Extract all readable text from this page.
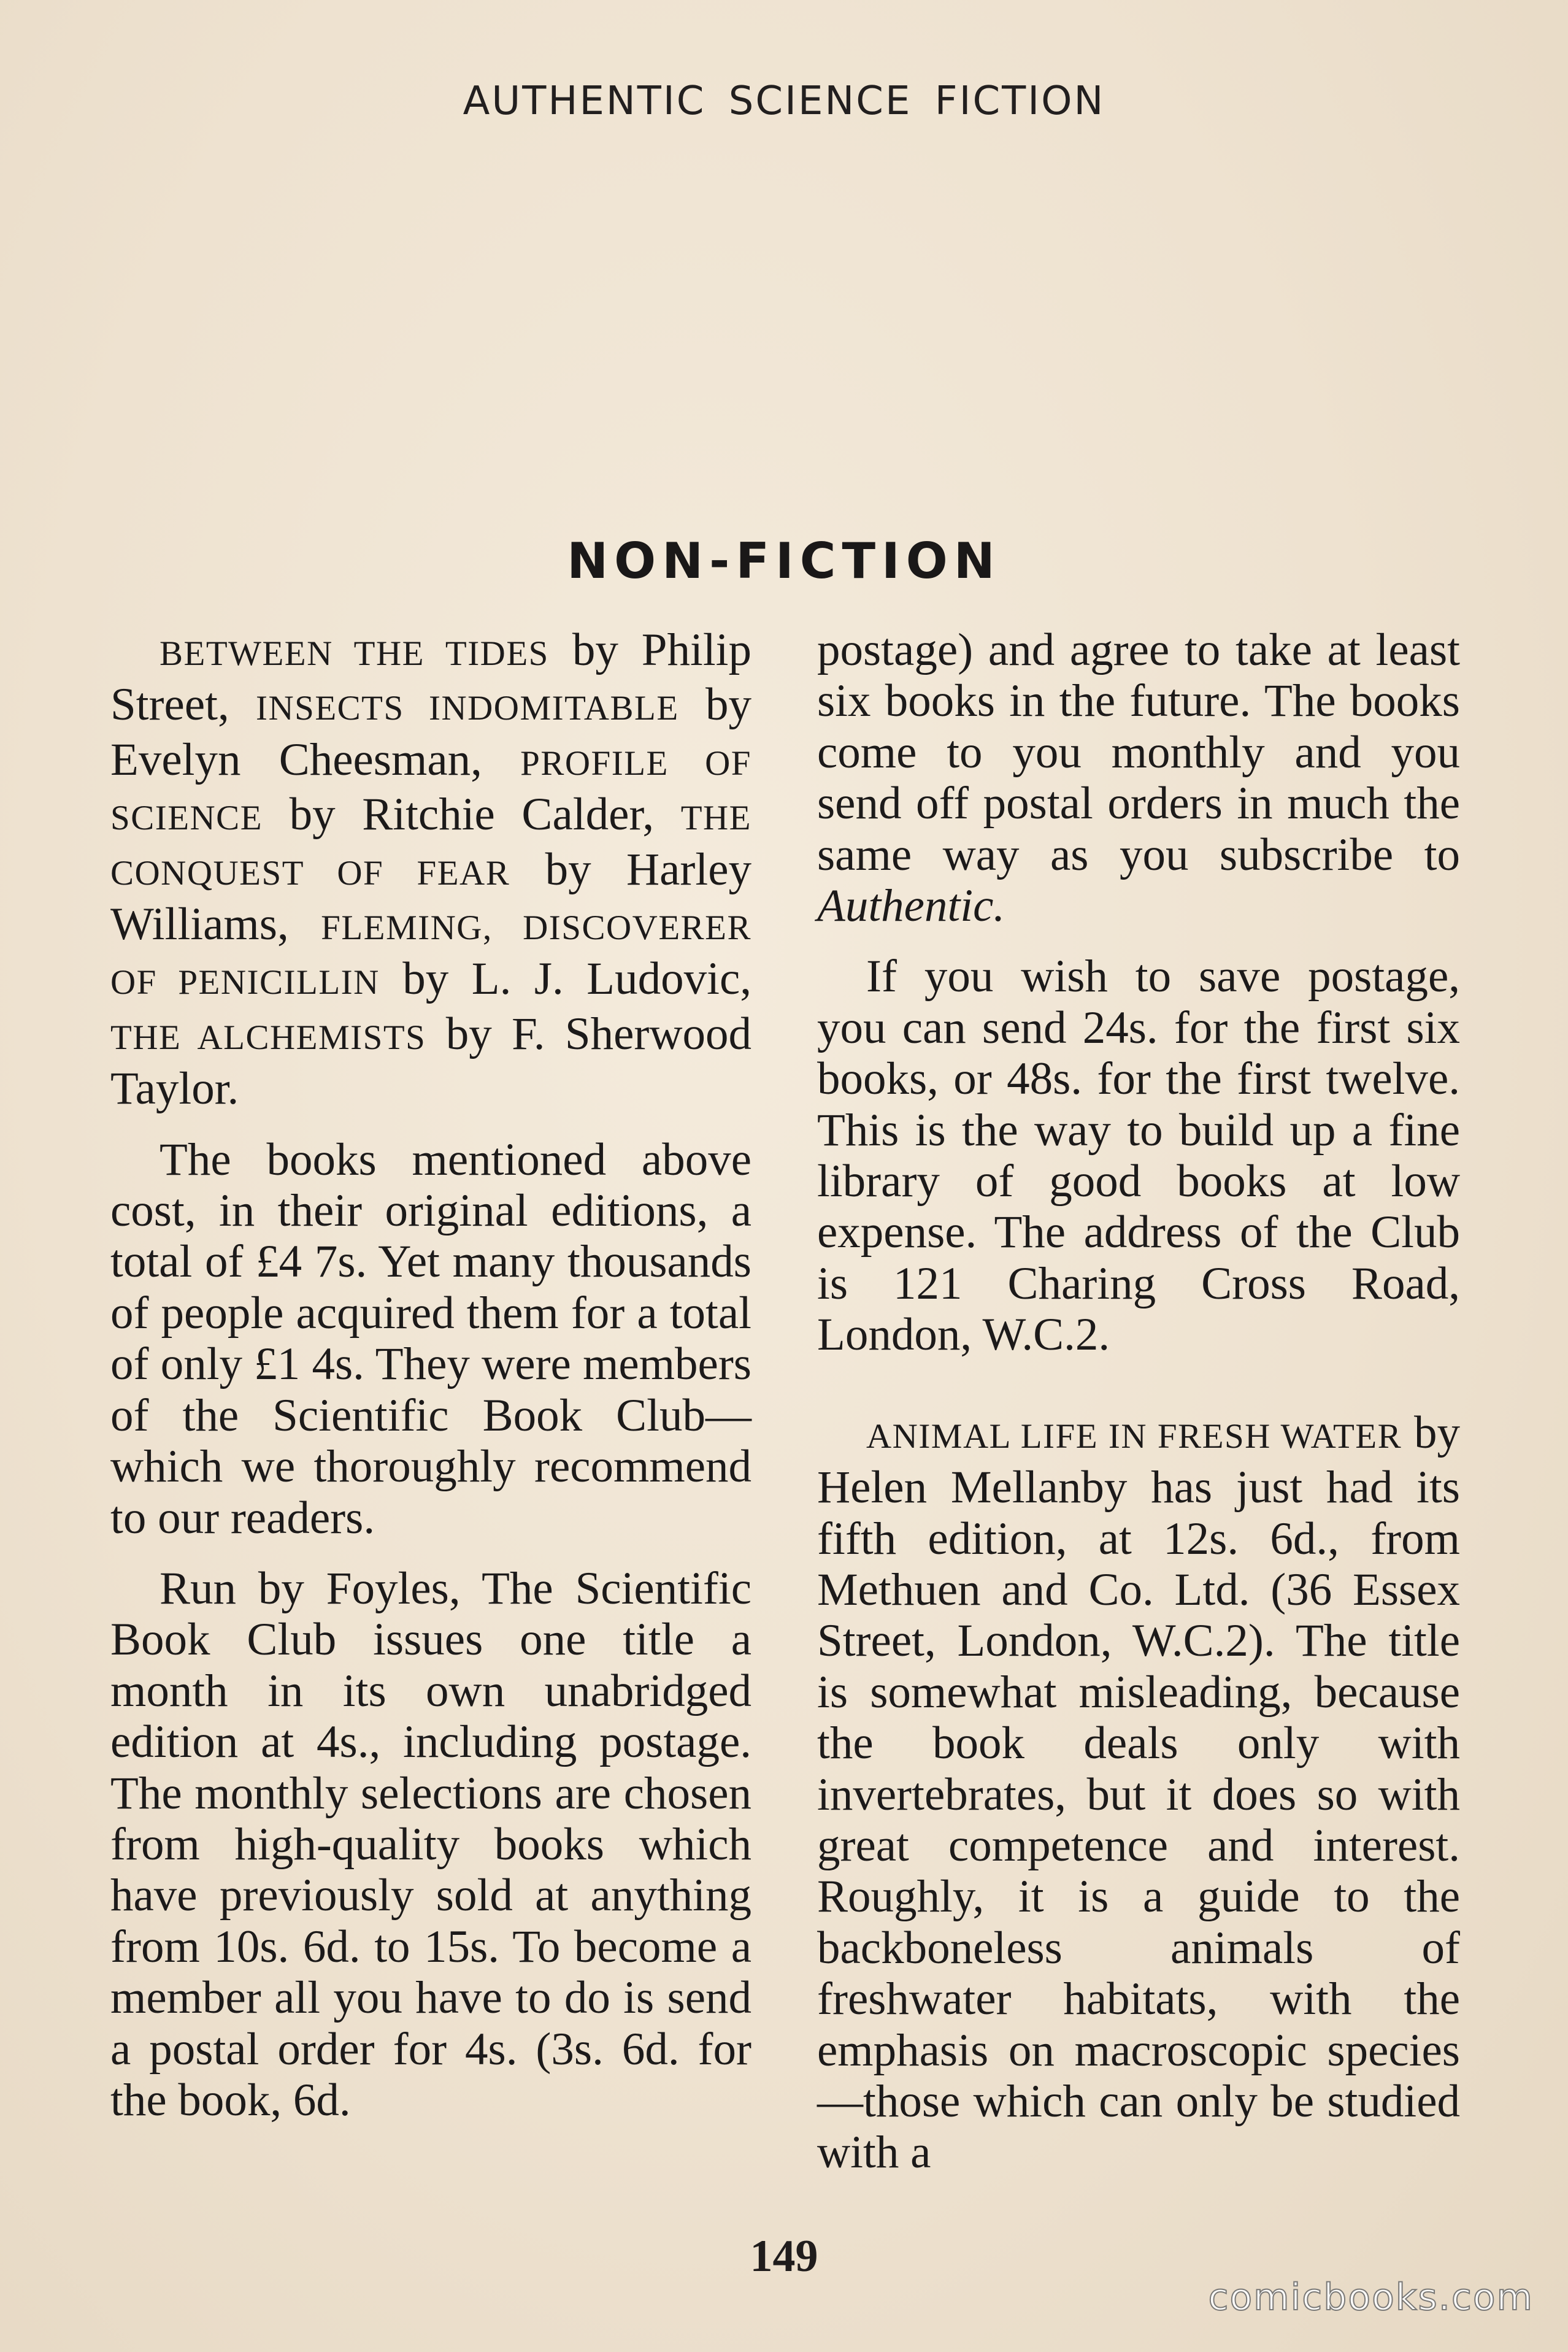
AUTHENTIC SCIENCE FICTION
NON-FICTION

BETWEEN THE TIDES by Philip Street, INSECTS INDOMITABLE by Evelyn Cheesman, PROFILE OF SCIENCE by Ritchie Calder, THE CONQUEST OF FEAR by Harley Williams, FLEMING, DISCOVERER OF PENICILLIN by L. J. Ludovic, THE ALCHEMISTS by F. Sherwood Taylor.

The books mentioned above cost, in their original editions, a total of £4 7s. Yet many thousands of people acquired them for a total of only £1 4s. They were members of the Scientific Book Club—which we thoroughly recommend to our readers.

Run by Foyles, The Scientific Book Club issues one title a month in its own unabridged edition at 4s., including postage. The monthly selections are chosen from high-quality books which have previously sold at anything from 10s. 6d. to 15s. To become a member all you have to do is send a postal order for 4s. (3s. 6d. for the book, 6d.

postage) and agree to take at least six books in the future. The books come to you monthly and you send off postal orders in much the same way as you subscribe to Authentic.

If you wish to save postage, you can send 24s. for the first six books, or 48s. for the first twelve. This is the way to build up a fine library of good books at low expense. The address of the Club is 121 Charing Cross Road, London, W.C.2.

ANIMAL LIFE IN FRESH WATER by Helen Mellanby has just had its fifth edition, at 12s. 6d., from Methuen and Co. Ltd. (36 Essex Street, London, W.C.2). The title is somewhat misleading, because the book deals only with invertebrates, but it does so with great competence and interest. Roughly, it is a guide to the backboneless animals of freshwater habitats, with the emphasis on macroscopic species—those which can only be studied with a

149
comicbooks.com
